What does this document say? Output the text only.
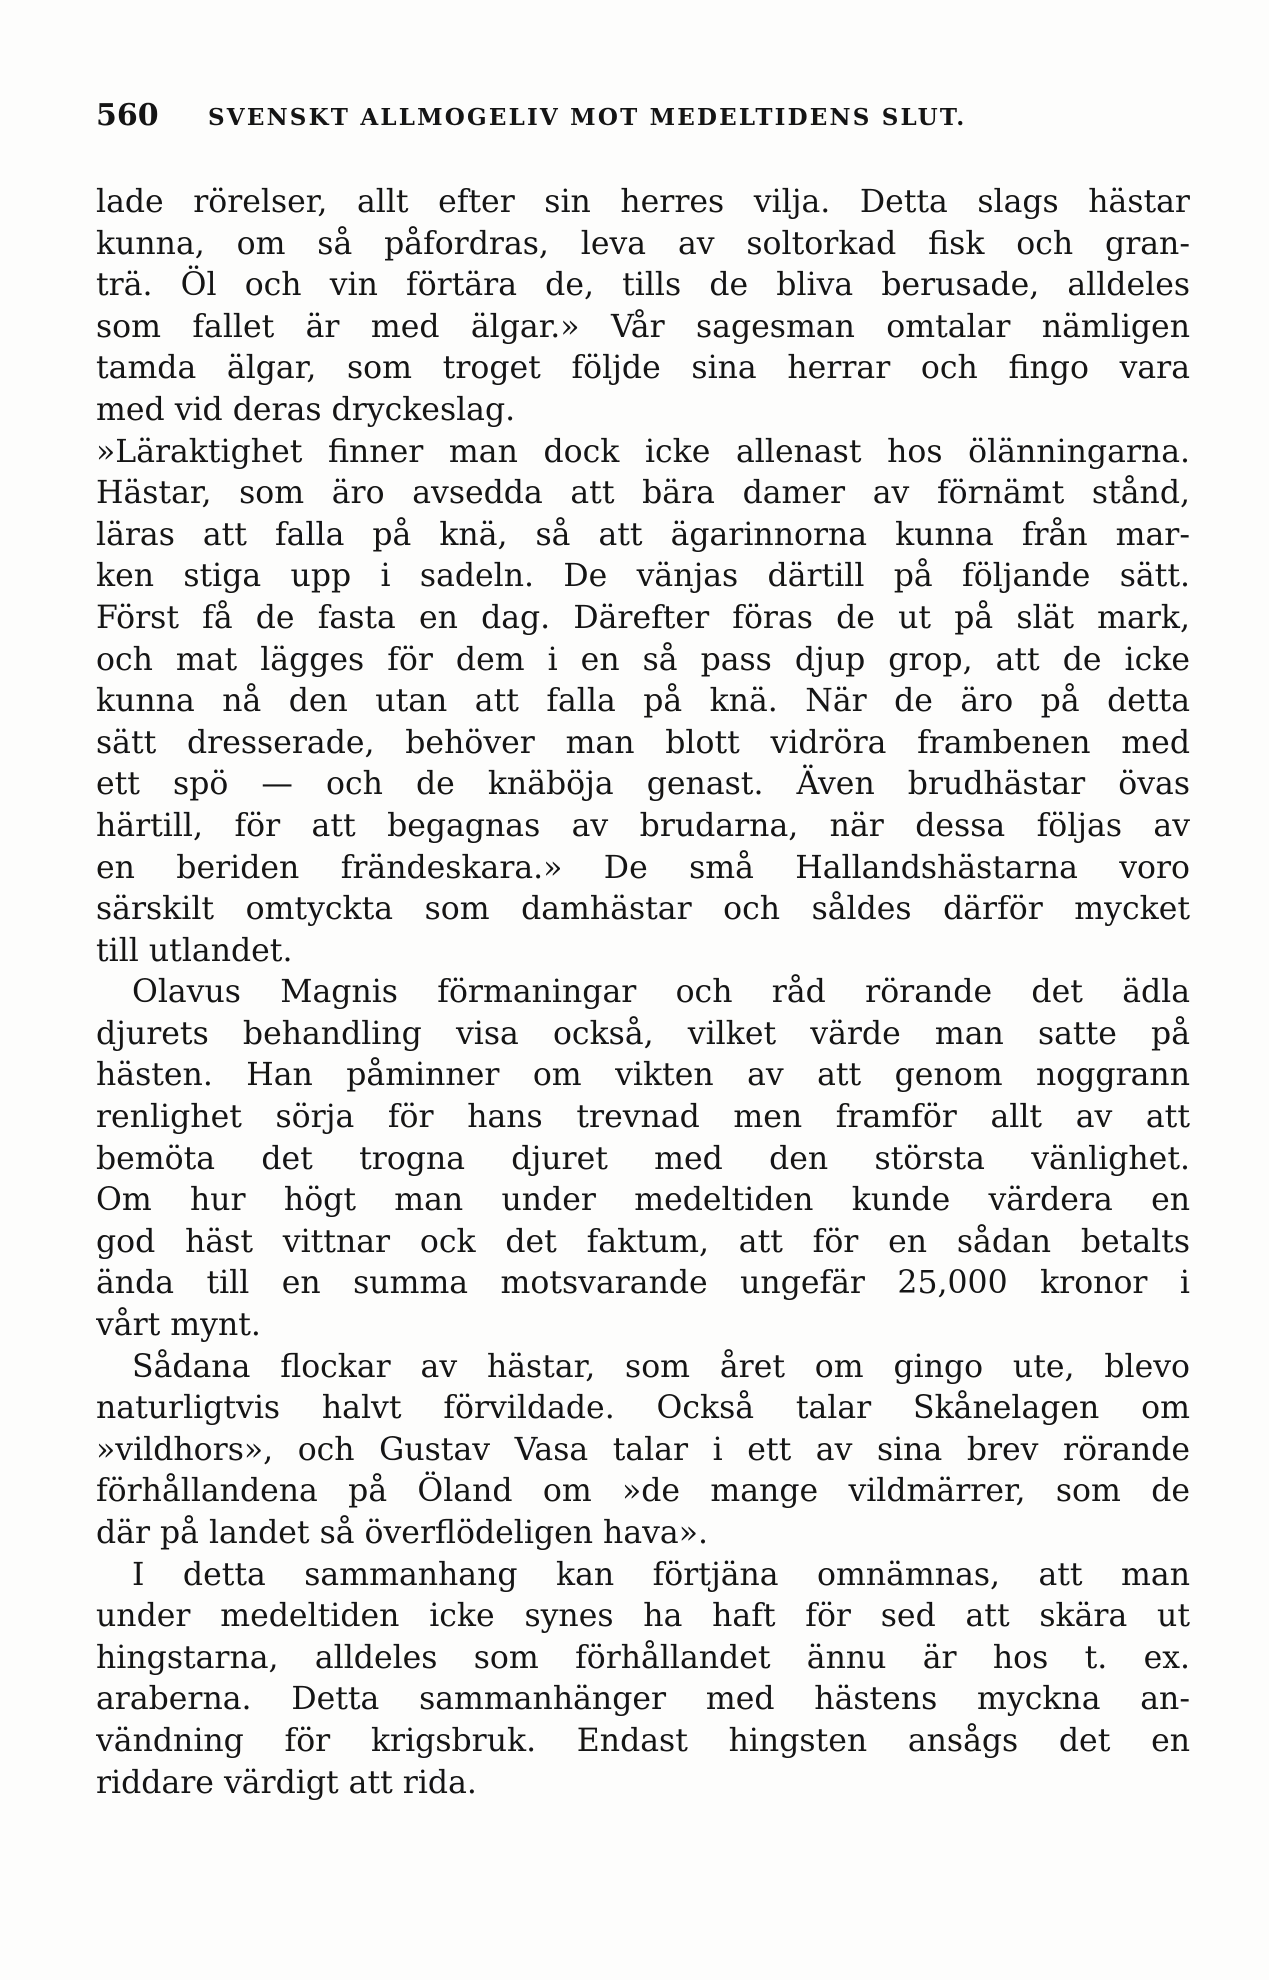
560 SVENSKT ALLMOGELIV MOT MEDELTIDENS SLUT.
lade rörelser, allt efter sin herres vilja. Detta slags hästar
kunna, om så påfordras, leva av soltorkad fisk och gran-
trä. Öl och vin förtära de, tills de bliva berusade, alldeles
som fallet är med älgar.» Vår sagesman omtalar nämligen
tamda älgar, som troget följde sina herrar och fingo vara
med vid deras dryckeslag.
»Läraktighet finner man dock icke allenast hos ölänningarna.
Hästar, som äro avsedda att bära damer av förnämt stånd,
läras att falla på knä, så att ägarinnorna kunna från mar-
ken stiga upp i sadeln. De vänjas därtill på följande sätt.
Först få de fasta en dag. Därefter föras de ut på slät mark,
och mat lägges för dem i en så pass djup grop, att de icke
kunna nå den utan att falla på knä. När de äro på detta
sätt dresserade, behöver man blott vidröra frambenen med
ett spö — och de knäböja genast. Även brudhästar övas
härtill, för att begagnas av brudarna, när dessa följas av
en beriden frändeskara.» De små Hallandshästarna voro
särskilt omtyckta som damhästar och såldes därför mycket
till utlandet.
Olavus Magnis förmaningar och råd rörande det ädla
djurets behandling visa också, vilket värde man satte på
hästen. Han påminner om vikten av att genom noggrann
renlighet sörja för hans trevnad men framför allt av att
bemöta det trogna djuret med den största vänlighet.
Om hur högt man under medeltiden kunde värdera en
god häst vittnar ock det faktum, att för en sådan betalts
ända till en summa motsvarande ungefär 25,000 kronor i
vårt mynt.
Sådana flockar av hästar, som året om gingo ute, blevo
naturligtvis halvt förvildade. Också talar Skånelagen om
»vildhors», och Gustav Vasa talar i ett av sina brev rörande
förhållandena på Öland om »de mange vildmärrer, som de
där på landet så överflödeligen hava».
I detta sammanhang kan förtjäna omnämnas, att man
under medeltiden icke synes ha haft för sed att skära ut
hingstarna, alldeles som förhållandet ännu är hos t. ex.
araberna. Detta sammanhänger med hästens myckna an-
vändning för krigsbruk. Endast hingsten ansågs det en
riddare värdigt att rida.
